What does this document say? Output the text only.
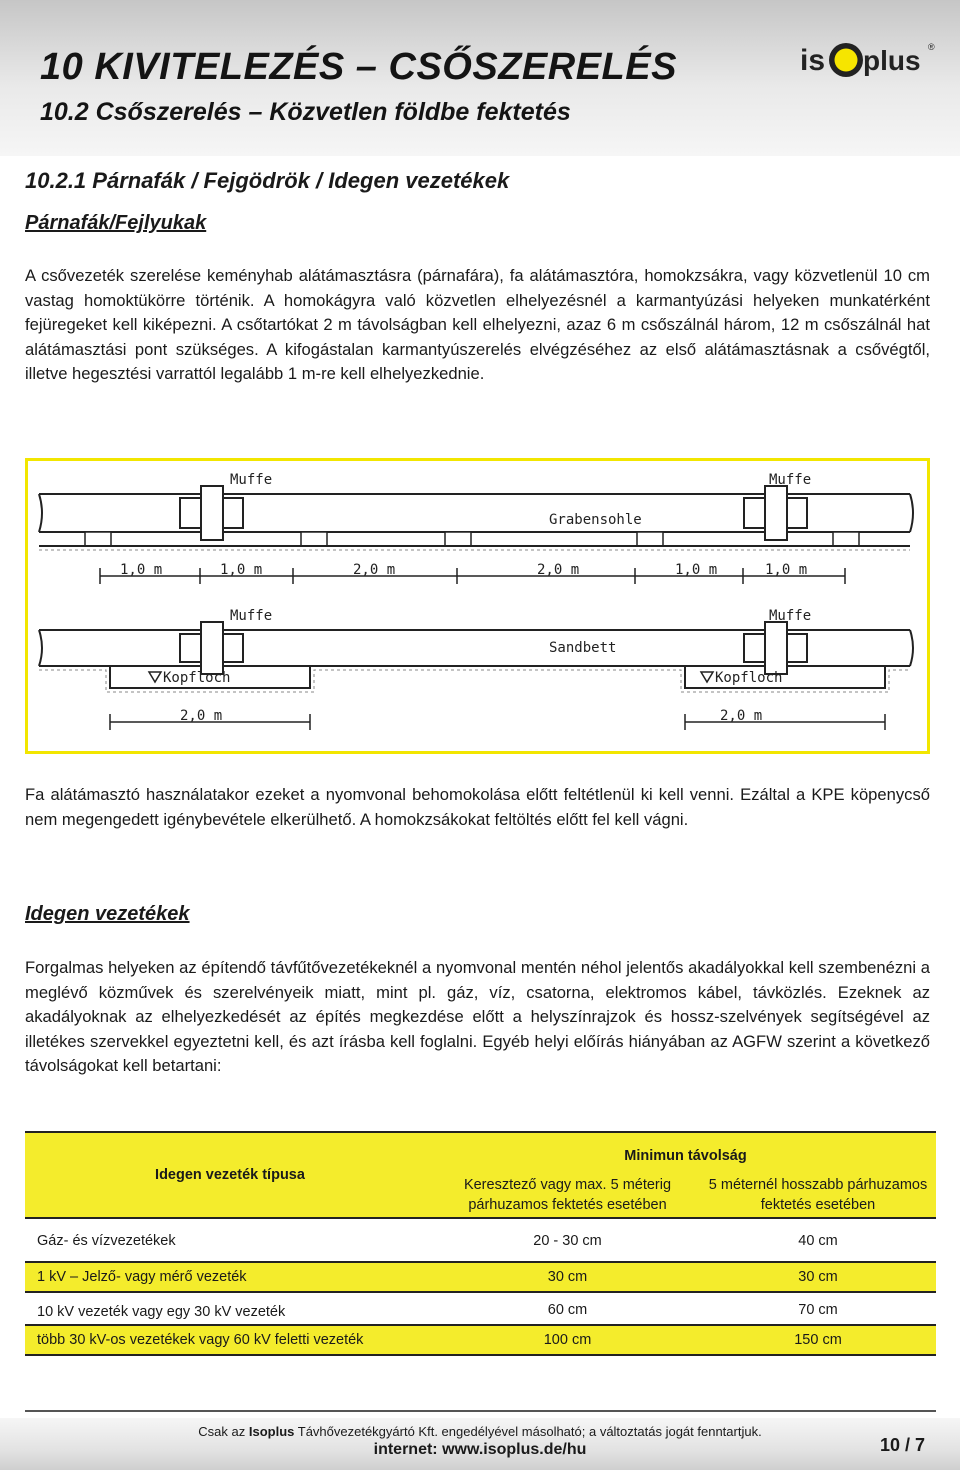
10 KIVITELEZÉS – CSŐSZERELÉS
10.2 Csőszerelés – Közvetlen földbe fektetés
is plus ®
10.2.1 Párnafák / Fejgödrök / Idegen vezetékek
Párnafák/Fejlyukak
A csővezeték szerelése keményhab alátámasztásra (párnafára), fa alátámasztóra, homokzsákra, vagy közvetlenül 10 cm vastag homoktükörre történik. A homokágyra való közvetlen elhelyezésnél a karmantyúzási helyeken munkatérként fejüregeket kell kiképezni. A csőtartókat 2 m távolságban kell elhelyezni, azaz 6 m csőszálnál három, 12 m csőszálnál hat alátámasztási pont szükséges. A kifogástalan karmantyúszerelés elvégzéséhez az első alátámasztásnak a csővégtől, illetve hegesztési varrattól legalább 1 m-re kell elhelyezkednie.
Muffe	Muffe
Grabensohle
1,0 m	1,0 m	2,0 m	2,0 m	1,0 m	1,0 m
Muffe	Muffe
Sandbett
Kopfloch	Kopfloch
2,0 m	2,0 m
Fa alátámasztó használatakor ezeket a nyomvonal behomokolása előtt feltétlenül ki kell venni. Ezáltal a KPE köpenycső nem megengedett igénybevétele elkerülhető. A homokzsákokat feltöltés előtt fel kell vágni.
Idegen vezetékek
Forgalmas helyeken az építendő távfűtővezetékeknél a nyomvonal mentén néhol jelentős akadályokkal kell szembenézni a meglévő közművek és szerelvényeik miatt, mint pl. gáz, víz, csatorna, elektromos kábel, távközlés. Ezeknek az akadályoknak az elhelyezkedését az építés megkezdése előtt a helyszínrajzok és hossz-szelvények segítségével az illetékes szervekkel egyeztetni kell, és azt írásba kell foglalni. Egyéb helyi előírás hiányában az AGFW szerint a következő távolságokat kell betartani:
Idegen vezeték típusa	Minimun távolság	
	Keresztező vagy max. 5 méterig párhuzamos fektetés esetében	5 méternél hosszabb párhuzamos fektetés esetében

Gáz- és vízvezetékek	20 - 30 cm	40 cm

1 kV – Jelző- vagy mérő vezeték	30 cm	30 cm
10 kV vezeték vagy egy 30 kV vezeték	60 cm	70 cm
több 30 kV-os vezetékek vagy 60 kV feletti vezeték	100 cm	150 cm
Csak az Isoplus Távhővezetékgyártó Kft. engedélyével másolható; a változtatás jogát fenntartjuk.
internet: www.isoplus.de/hu	10 / 7
